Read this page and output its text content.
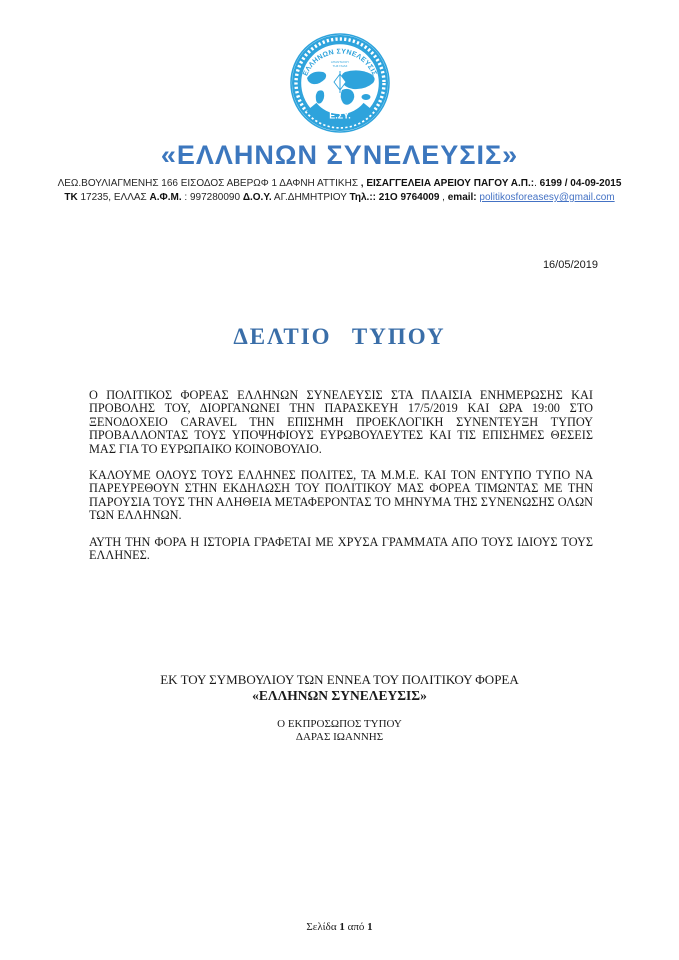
ΕΛΛΗΝΩΝ ΣΥΝΕΛΕΥΣΙΣ
ΑΠΑΝΤΑΧΟΥ
ΤΗΣ ΓΑΙΑΣ
Ε.ΣΥ.
«ΕΛΛΗΝΩΝ ΣΥΝΕΛΕΥΣΙΣ»
ΛΕΩ.ΒΟΥΛΙΑΓΜΕΝΗΣ 166 ΕΙΣΟΔΟΣ ΑΒΕΡΩΦ 1 ΔΑΦΝΗ ΑΤΤΙΚΗΣ , ΕΙΣΑΓΓΕΛΕΙΑ ΑΡΕΙΟΥ ΠΑΓΟΥ Α.Π.:. 6199 / 04-09-2015
ΤΚ 17235, ΕΛΛΑΣ Α.Φ.Μ. : 997280090 Δ.Ο.Υ. ΑΓ.ΔΗΜΗΤΡΙΟΥ Τηλ.:: 21Ο 9764009 , email: politikosforeasesy@gmail.com
16/05/2019
ΔΕΛΤΙΟ ΤΥΠΟΥ

Ο ΠΟΛΙΤΙΚΟΣ ΦΟΡΕΑΣ ΕΛΛΗΝΩΝ ΣΥΝΕΛΕΥΣΙΣ ΣΤΑ ΠΛΑΙΣΙΑ ΕΝΗΜΕΡΩΣΗΣ ΚΑΙ ΠΡΟΒΟΛΗΣ ΤΟΥ, ΔΙΟΡΓΑΝΩΝΕΙ ΤΗΝ ΠΑΡΑΣΚΕΥΗ 17/5/2019 ΚΑΙ ΩΡΑ 19:00 ΣΤΟ ΞΕΝΟΔΟΧΕΙΟ CARAVEL ΤΗΝ ΕΠΙΣΗΜΗ ΠΡΟΕΚΛΟΓΙΚΗ ΣΥΝΕΝΤΕΥΞΗ ΤΥΠΟΥ ΠΡΟΒΑΛΛΟΝΤΑΣ ΤΟΥΣ ΥΠΟΨΗΦΙΟΥΣ ΕΥΡΩΒΟΥΛΕΥΤΕΣ ΚΑΙ ΤΙΣ ΕΠΙΣΗΜΕΣ ΘΕΣΕΙΣ ΜΑΣ ΓΙΑ ΤΟ ΕΥΡΩΠΑΙΚΟ ΚΟΙΝΟΒΟΥΛΙΟ.

ΚΑΛΟΥΜΕ ΟΛΟΥΣ ΤΟΥΣ ΕΛΛΗΝΕΣ ΠΟΛΙΤΕΣ, ΤΑ Μ.Μ.Ε. ΚΑΙ ΤΟΝ ΕΝΤΥΠΟ ΤΥΠΟ ΝΑ ΠΑΡΕΥΡΕΘΟΥΝ ΣΤΗΝ ΕΚΔΗΛΩΣΗ ΤΟΥ ΠΟΛΙΤΙΚΟΥ ΜΑΣ ΦΟΡΕΑ ΤΙΜΩΝΤΑΣ ΜΕ ΤΗΝ ΠΑΡΟΥΣΙΑ ΤΟΥΣ ΤΗΝ ΑΛΗΘΕΙΑ ΜΕΤΑΦΕΡΟΝΤΑΣ ΤΟ ΜΗΝΥΜΑ ΤΗΣ ΣΥΝΕΝΩΣΗΣ ΟΛΩΝ ΤΩΝ ΕΛΛΗΝΩΝ.

ΑΥΤΗ ΤΗΝ ΦΟΡΑ Η ΙΣΤΟΡΙΑ ΓΡΑΦΕΤΑΙ ΜΕ ΧΡΥΣΑ ΓΡΑΜΜΑΤΑ ΑΠΟ ΤΟΥΣ ΙΔΙΟΥΣ ΤΟΥΣ ΕΛΛΗΝΕΣ.

ΕΚ ΤΟΥ ΣΥΜΒΟΥΛΙΟΥ ΤΩΝ ΕΝΝΕΑ ΤΟΥ ΠΟΛΙΤΙΚΟΥ ΦΟΡΕΑ
«ΕΛΛΗΝΩΝ ΣΥΝΕΛΕΥΣΙΣ»
Ο ΕΚΠΡΟΣΩΠΟΣ ΤΥΠΟΥ
ΔΑΡΑΣ ΙΩΑΝΝΗΣ
Σελίδα 1 από 1
